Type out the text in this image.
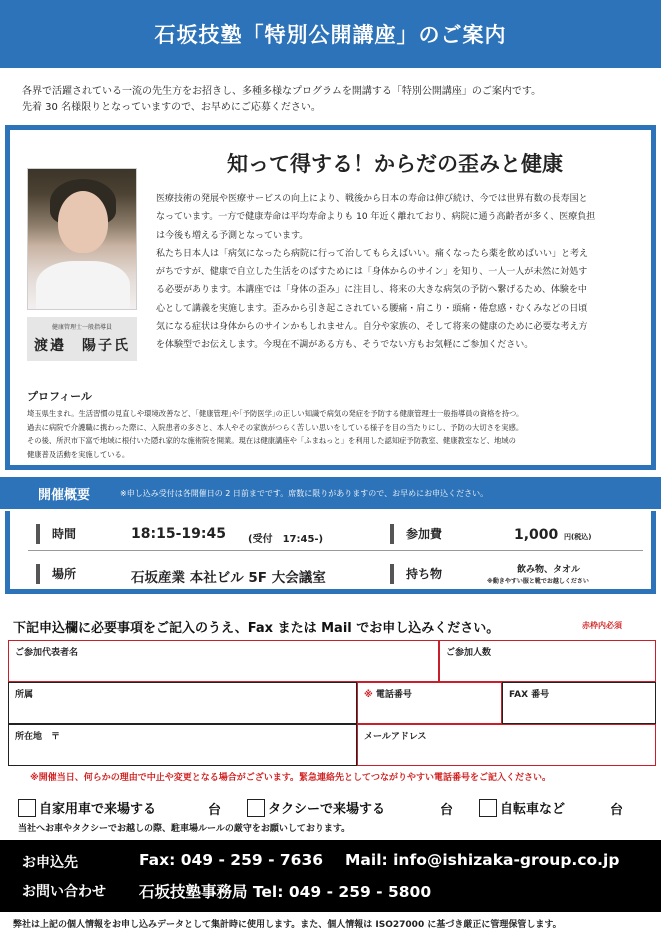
石坂技塾「特別公開講座」のご案内
各界で活躍されている一流の先生方をお招きし、多種多様なプログラムを開講する「特別公開講座」のご案内です。
先着 30 名様限りとなっていますので、お早めにご応募ください。
健康管理士一般指導員
渡邉　陽子氏
知って得する！からだの歪みと健康
医療技術の発展や医療サービスの向上により、戦後から日本の寿命は伸び続け、今では世界有数の長寿国と
なっています。一方で健康寿命は平均寿命よりも 10 年近く離れており、病院に通う高齢者が多く、医療負担
は今後も増える予測となっています。
私たち日本人は「病気になったら病院に行って治してもらえばいい。痛くなったら薬を飲めばいい」と考え
がちですが、健康で自立した生活をのばすためには「身体からのサイン」を知り、一人一人が未然に対処す
る必要があります。本講座では「身体の歪み」に注目し、将来の大きな病気の予防へ繋げるため、体験を中
心として講義を実施します。歪みから引き起こされている腰痛・肩こり・頭痛・倦怠感・むくみなどの日頃
気になる症状は身体からのサインかもしれません。自分や家族の、そして将来の健康のために必要な考え方
を体験型でお伝えします。今現在不調がある方も、そうでない方もお気軽にご参加ください。
プロフィール
埼玉県生まれ。生活習慣の見直しや環境改善など、｢健康管理｣や｢予防医学｣の正しい知識で病気の発症を予防する健康管理士一般指導員の資格を持つ。
過去に病院で介護職に携わった際に、入院患者の多さと、本人やその家族がつらく苦しい思いをしている様子を目の当たりにし、予防の大切さを実感。
その後、所沢市下富で地域に根付いた隠れ家的な施術院を開業。現在は健康講座や「ふまねっと」を利用した認知症予防教室、健康教室など、地域の
健康普及活動を実施している。
開催概要	※申し込み受付は各開催日の 2 日前までです。席数に限りがありますので、お早めにお申込ください。
時間	18:15-19:45 (受付　17:45-)	参加費	1,000 円(税込)
場所	石坂産業 本社ビル 5F 大会議室	持ち物	飲み物、タオル
※動きやすい服と靴でお越しください
下記申込欄に必要事項をご記入のうえ、Fax または Mail でお申し込みください。	赤枠内必須
ご参加代表者名	ご参加人数
所属	※ 電話番号	FAX 番号
所在地　〒	メールアドレス
※開催当日、何らかの理由で中止や変更となる場合がございます。緊急連絡先としてつながりやすい電話番号をご記入ください。
自家用車で来場する	台	タクシーで来場する	台	自転車など	台
当社へお車やタクシーでお越しの際、駐車場ルールの厳守をお願いしております。
お申込先	Fax: 049 - 259 - 7636 Mail: info@ishizaka-group.co.jp
お問い合わせ 石坂技塾事務局 Tel: 049 - 259 - 5800
弊社は上記の個人情報をお申し込みデータとして集計時に使用します。また、個人情報は ISO27000 に基づき厳正に管理保管します。
